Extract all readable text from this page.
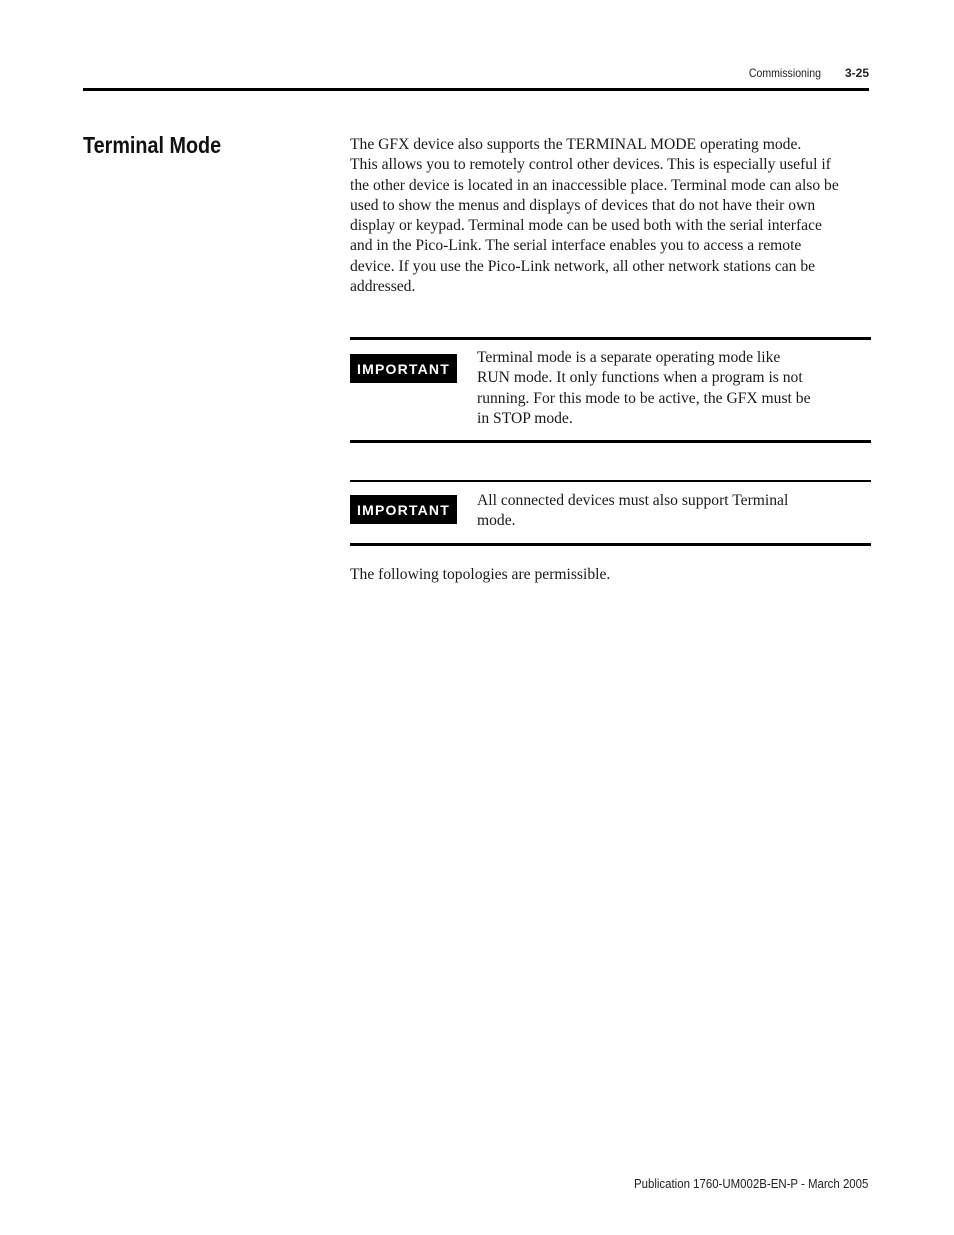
Commissioning 3-25
Terminal Mode	The GFX device also supports the TERMINAL MODE operating mode.
This allows you to remotely control other devices. This is especially useful if
the other device is located in an inaccessible place. Terminal mode can also be
used to show the menus and displays of devices that do not have their own
display or keypad. Terminal mode can be used both with the serial interface
and in the Pico-Link. The serial interface enables you to access a remote
device. If you use the Pico-Link network, all other network stations can be
addressed.
IMPORTANT
Terminal mode is a separate operating mode like
RUN mode. It only functions when a program is not
running. For this mode to be active, the GFX must be
in STOP mode.
IMPORTANT
All connected devices must also support Terminal
mode.
The following topologies are permissible.
Publication 1760-UM002B-EN-P - March 2005
